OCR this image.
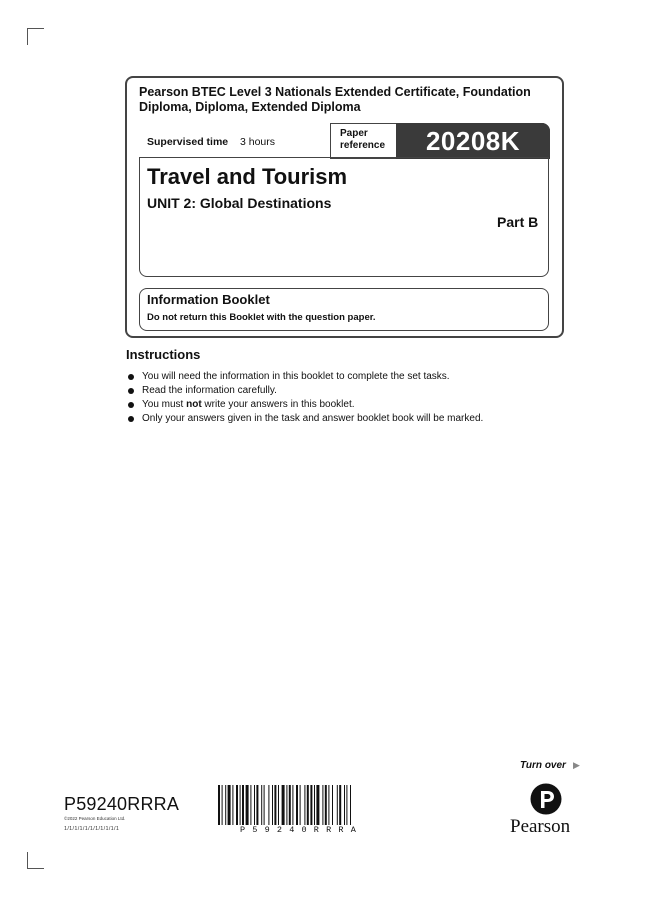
Pearson BTEC Level 3 Nationals Extended Certificate, Foundation Diploma, Diploma, Extended Diploma
Supervised time 3 hours
Paper reference	20208K
Travel and Tourism
UNIT 2: Global Destinations
Part B
Information Booklet
Do not return this Booklet with the question paper.
Instructions
You will need the information in this booklet to complete the set tasks.
Read the information carefully.
You must not write your answers in this booklet.
Only your answers given in the task and answer booklet book will be marked.
Turn over ▶
P59240RRRA
©2022 Pearson Education Ltd.
1/1/1/1/1/1/1/1/1/1/1	P59240RRRA	Pearson
